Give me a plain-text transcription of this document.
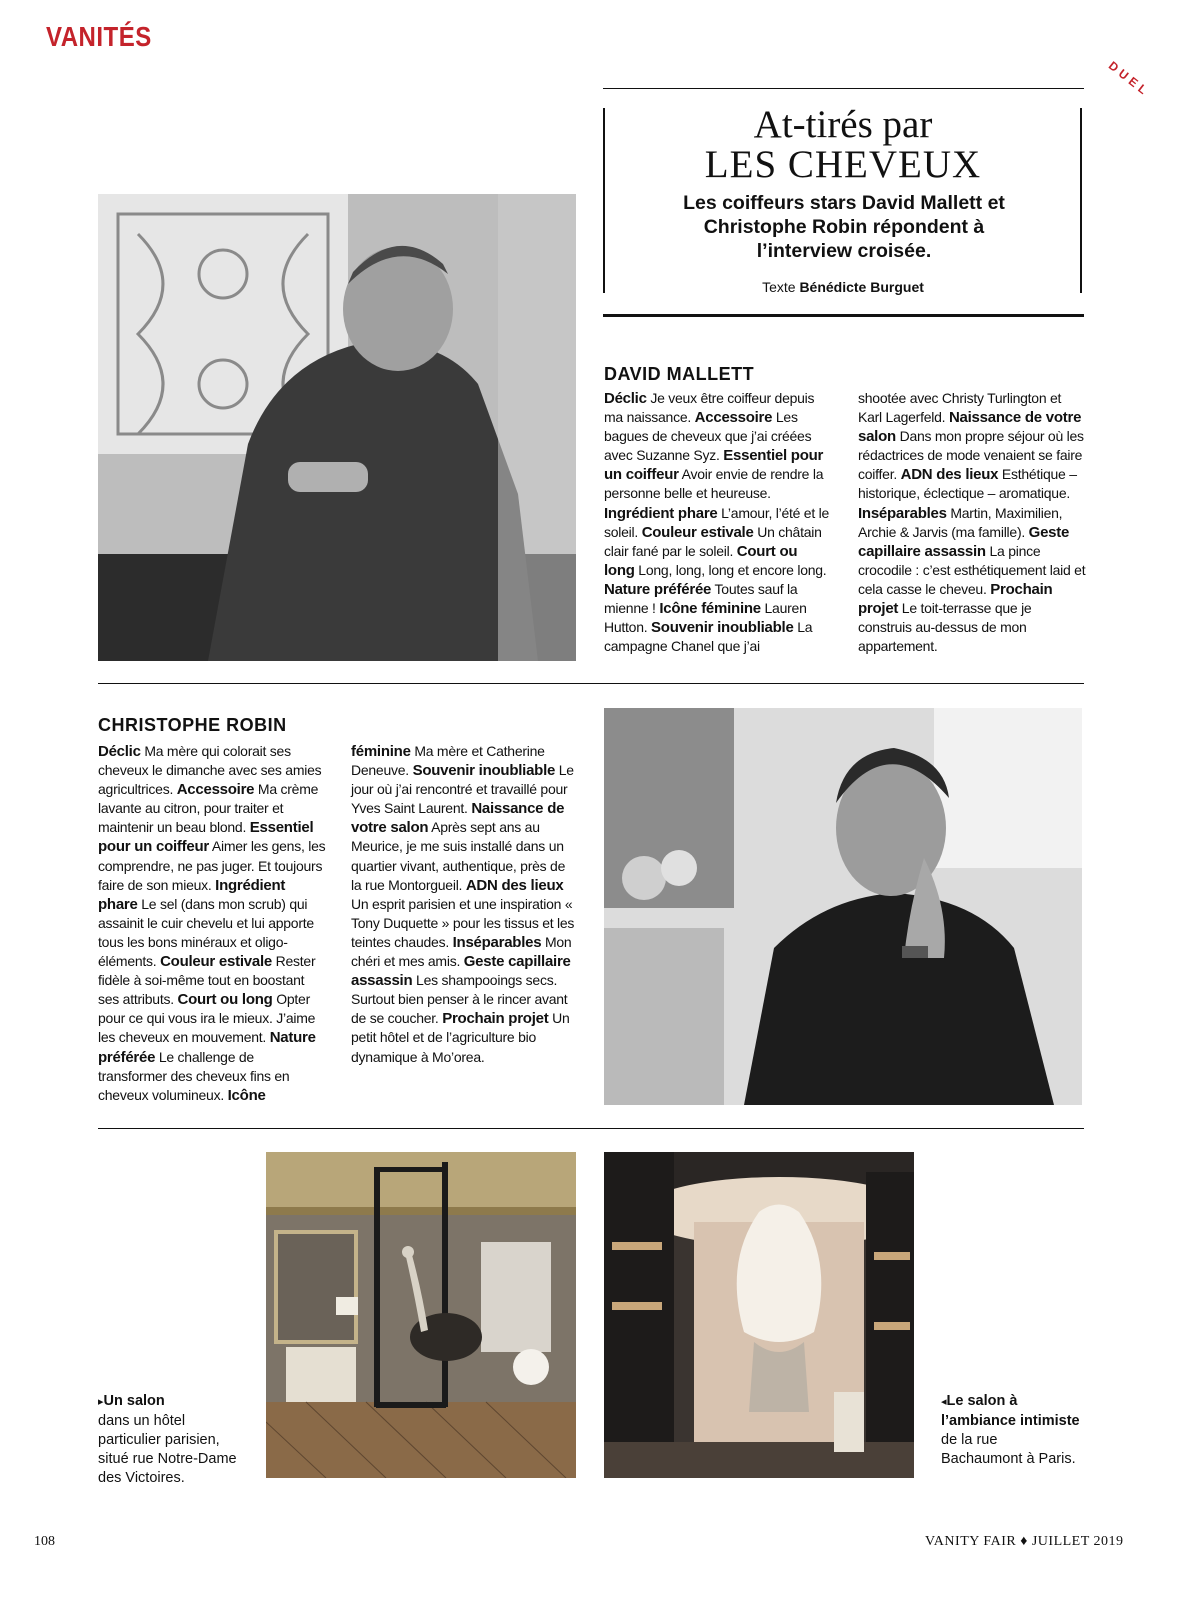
VANITÉS
DUEL
At-tirés par
LES CHEVEUX
Les coiffeurs stars David Mallett et Christophe Robin répondent à l’interview croisée.
Texte Bénédicte Burguet
DAVID MALLETT
Déclic Je veux être coiffeur depuis ma naissance. Accessoire Les bagues de cheveux que j’ai créées avec Suzanne Syz. Essentiel pour un coiffeur Avoir envie de rendre la personne belle et heureuse. Ingrédient phare L’amour, l’été et le soleil. Couleur estivale Un châtain clair fané par le soleil. Court ou long Long, long, long et encore long. Nature préférée Toutes sauf la mienne ! Icône féminine Lauren Hutton. Souvenir inoubliable La campagne Chanel que j’ai
shootée avec Christy Turlington et Karl Lagerfeld. Naissance de votre salon Dans mon propre séjour où les rédactrices de mode venaient se faire coiffer. ADN des lieux Esthétique – historique, éclectique – aromatique. Inséparables Martin, Maximilien, Archie & Jarvis (ma famille). Geste capillaire assassin La pince crocodile : c’est esthétiquement laid et cela casse le cheveu. Prochain projet Le toit-terrasse que je construis au-dessus de mon appartement.
CHRISTOPHE ROBIN
Déclic Ma mère qui colorait ses cheveux le dimanche avec ses amies agricultrices. Accessoire Ma crème lavante au citron, pour traiter et maintenir un beau blond. Essentiel pour un coiffeur Aimer les gens, les comprendre, ne pas juger. Et toujours faire de son mieux. Ingrédient phare Le sel (dans mon scrub) qui assainit le cuir chevelu et lui apporte tous les bons minéraux et oligo-éléments. Couleur estivale Rester fidèle à soi-même tout en boostant ses attributs. Court ou long Opter pour ce qui vous ira le mieux. J’aime les cheveux en mouvement. Nature préférée Le challenge de transformer des cheveux fins en cheveux volumineux. Icône
féminine Ma mère et Catherine Deneuve. Souvenir inoubliable Le jour où j’ai rencontré et travaillé pour Yves Saint Laurent. Naissance de votre salon Après sept ans au Meurice, je me suis installé dans un quartier vivant, authentique, près de la rue Montorgueil. ADN des lieux Un esprit parisien et une inspiration « Tony Duquette » pour les tissus et les teintes chaudes. Inséparables Mon chéri et mes amis. Geste capillaire assassin Les shampooings secs. Surtout bien penser à le rincer avant de se coucher. Prochain projet Un petit hôtel et de l’agriculture bio dynamique à Mo’orea.
▸Un salon
dans un hôtel particulier parisien, situé rue Notre-Dame des Victoires.
◂Le salon à l’ambiance intimiste de la rue Bachaumont à Paris.
108	VANITY FAIR ♦ JUILLET 2019
